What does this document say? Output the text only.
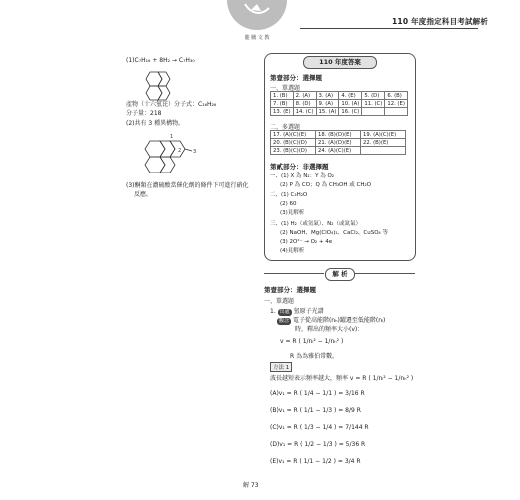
龍 騰 文 教
110 年度指定科目考試解析
(1)C₇H₁₆ + 8H₂ → C₇H₃₀
產物（十六氫芘）分子式：C₁₆H₂₆
分子量：218
(2)共有 3 種異構物。
1
2 3
(3)酮類在濃硫酸當催化劑的條件下可進行硝化
反應。
110 年度答案
第壹部分：選擇題
一、單選題
1. (B)	2. (A)	3. (A)	4. (E)	5. (D)	6. (B)
7. (B)	8. (D)	9. (A)	10. (A)	11. (C)	12. (E)
13. (E)	14. (C)	15. (A)	16. (C)		
二、多選題
17. (A)(C)(E)	18. (B)(D)(E)	19. (A)(C)(E)
20. (B)(C)(D)	21. (A)(D)(E)	22. (B)(E)
23. (B)(C)(D)	24. (A)(C)(E)	
第貳部分：非選擇題
一、(1) X 為 N₂：Y 為 O₂
(2) P 為 CO；Q 為 CH₃OH 或 CH₂O
二、(1) C₃H₂O
(2) 60
(3)見解析
三、(1) H₂（或氫氣）、N₂（或氮氣）
(2) NaOH、Mg(ClO₄)₂、CaCl₂、CuSO₄ 等
(3) 2O²⁻ → O₂ + 4e
(4)見解析
解 析
第壹部分：選擇題
一、單選題
1. 出處 氫原子光譜
觀念 電子從高能階(nₕ)躍遷至低能階(nₗ)
時，釋出的頻率大小(v)：
v = R ( 1/nₗ² − 1/nₕ² )
R 為為雅伯常數。
方法 1
波長越短表示頻率越大，頻率 v = R ( 1/nₗ² − 1/nₕ² )
(A)v₁ = R ( 1/4 − 1/1 ) = 3/16 R
(B)v₁ = R ( 1/1 − 1/3 ) = 8/9 R
(C)v₁ = R ( 1/3 − 1/4 ) = 7/144 R
(D)v₁ = R ( 1/2 − 1/3 ) = 5/36 R
(E)v₁ = R ( 1/1 − 1/2 ) = 3/4 R
解 73
